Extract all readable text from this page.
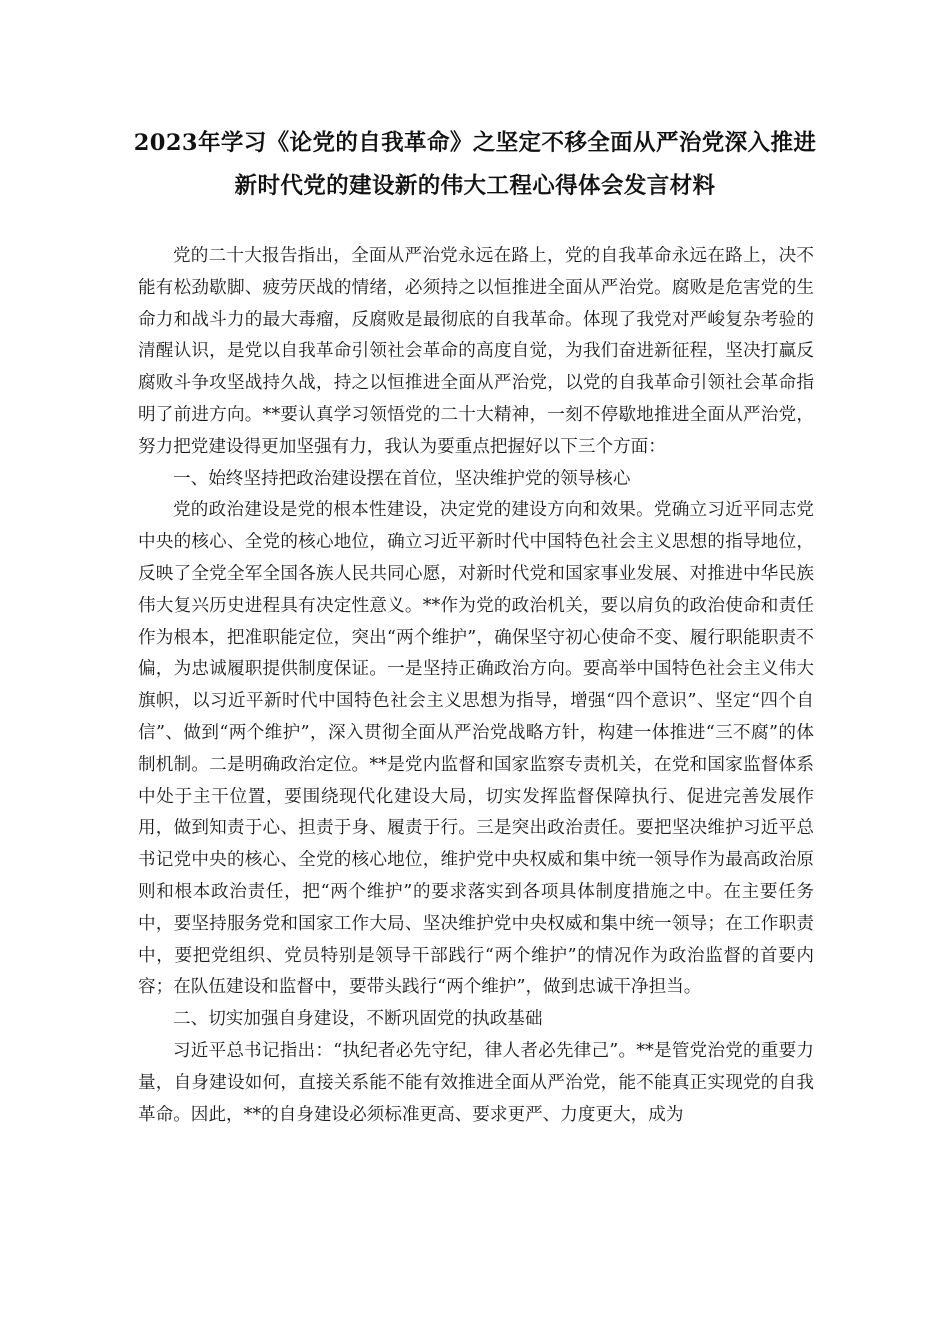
2023年学习《论党的自我革命》之坚定不移全面从严治党深入推进
新时代党的建设新的伟大工程心得体会发言材料

党的二十大报告指出，全面从严治党永远在路上，党的自我革命永远在路上，决不能有松劲歇脚、疲劳厌战的情绪，必须持之以恒推进全面从严治党。腐败是危害党的生命力和战斗力的最大毒瘤，反腐败是最彻底的自我革命。体现了我党对严峻复杂考验的清醒认识，是党以自我革命引领社会革命的高度自觉，为我们奋进新征程，坚决打赢反腐败斗争攻坚战持久战，持之以恒推进全面从严治党，以党的自我革命引领社会革命指明了前进方向。**要认真学习领悟党的二十大精神，一刻不停歇地推进全面从严治党，努力把党建设得更加坚强有力，我认为要重点把握好以下三个方面：

一、始终坚持把政治建设摆在首位，坚决维护党的领导核心

党的政治建设是党的根本性建设，决定党的建设方向和效果。党确立习近平同志党中央的核心、全党的核心地位，确立习近平新时代中国特色社会主义思想的指导地位，反映了全党全军全国各族人民共同心愿，对新时代党和国家事业发展、对推进中华民族伟大复兴历史进程具有决定性意义。**作为党的政治机关，要以肩负的政治使命和责任作为根本，把准职能定位，突出“两个维护”，确保坚守初心使命不变、履行职能职责不偏，为忠诚履职提供制度保证。一是坚持正确政治方向。要高举中国特色社会主义伟大旗帜，以习近平新时代中国特色社会主义思想为指导，增强“四个意识”、坚定“四个自信”、做到“两个维护”，深入贯彻全面从严治党战略方针，构建一体推进“三不腐”的体制机制。二是明确政治定位。**是党内监督和国家监察专责机关，在党和国家监督体系中处于主干位置，要围绕现代化建设大局，切实发挥监督保障执行、促进完善发展作用，做到知责于心、担责于身、履责于行。三是突出政治责任。要把坚决维护习近平总书记党中央的核心、全党的核心地位，维护党中央权威和集中统一领导作为最高政治原则和根本政治责任，把“两个维护”的要求落实到各项具体制度措施之中。在主要任务中，要坚持服务党和国家工作大局、坚决维护党中央权威和集中统一领导；在工作职责中，要把党组织、党员特别是领导干部践行“两个维护”的情况作为政治监督的首要内容；在队伍建设和监督中，要带头践行“两个维护”，做到忠诚干净担当。

二、切实加强自身建设，不断巩固党的执政基础

习近平总书记指出：“执纪者必先守纪，律人者必先律己”。**是管党治党的重要力量，自身建设如何，直接关系能不能有效推进全面从严治党，能不能真正实现党的自我革命。因此，**的自身建设必须标准更高、要求更严、力度更大，成为
